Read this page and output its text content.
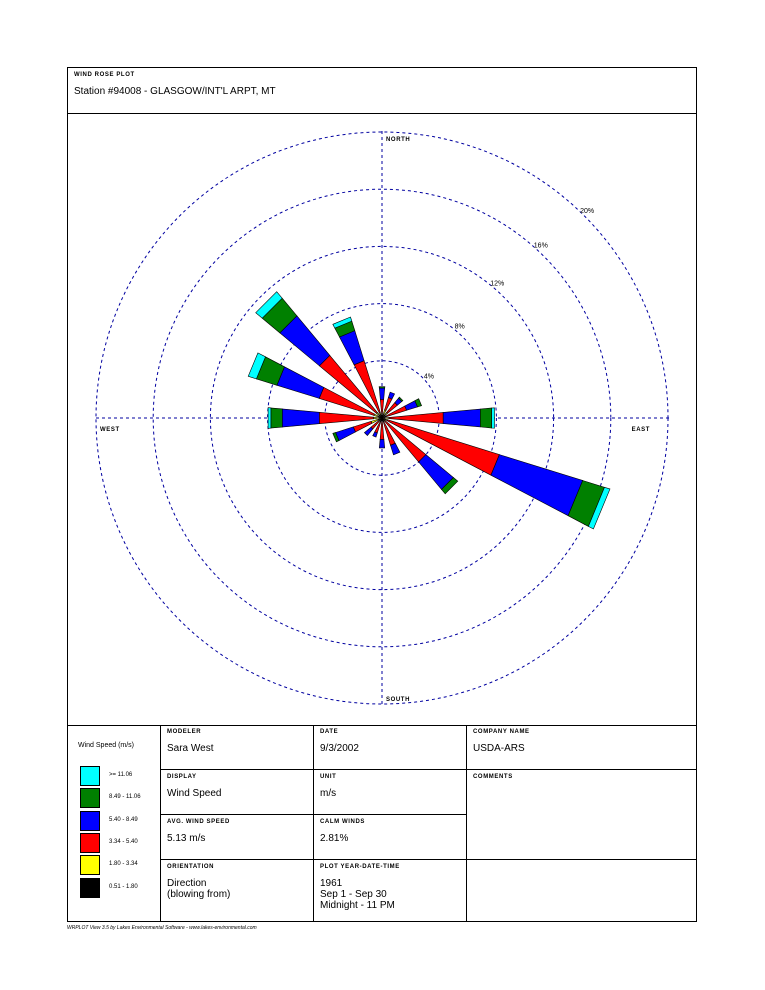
WIND ROSE PLOT
Station #94008 - GLASGOW/INT'L ARPT, MT
4%
8%
12%
16%
20%
NORTH
SOUTH
WEST	EAST
Wind Speed (m/s)
>= 11.06
8.49 - 11.06
5.40 - 8.49
3.34 - 5.40
1.80 - 3.34
0.51 - 1.80
MODELER
Sara West
DATE
9/3/2002
COMPANY NAME
USDA-ARS
DISPLAY
Wind Speed
UNIT
m/s
COMMENTS
AVG. WIND SPEED
5.13 m/s
CALM WINDS
2.81%
ORIENTATION
Direction
(blowing from)
PLOT YEAR-DATE-TIME
1961
Sep 1 - Sep 30
Midnight - 11 PM
WRPLOT View 3.5 by Lakes Environmental Software - www.lakes-environmental.com
